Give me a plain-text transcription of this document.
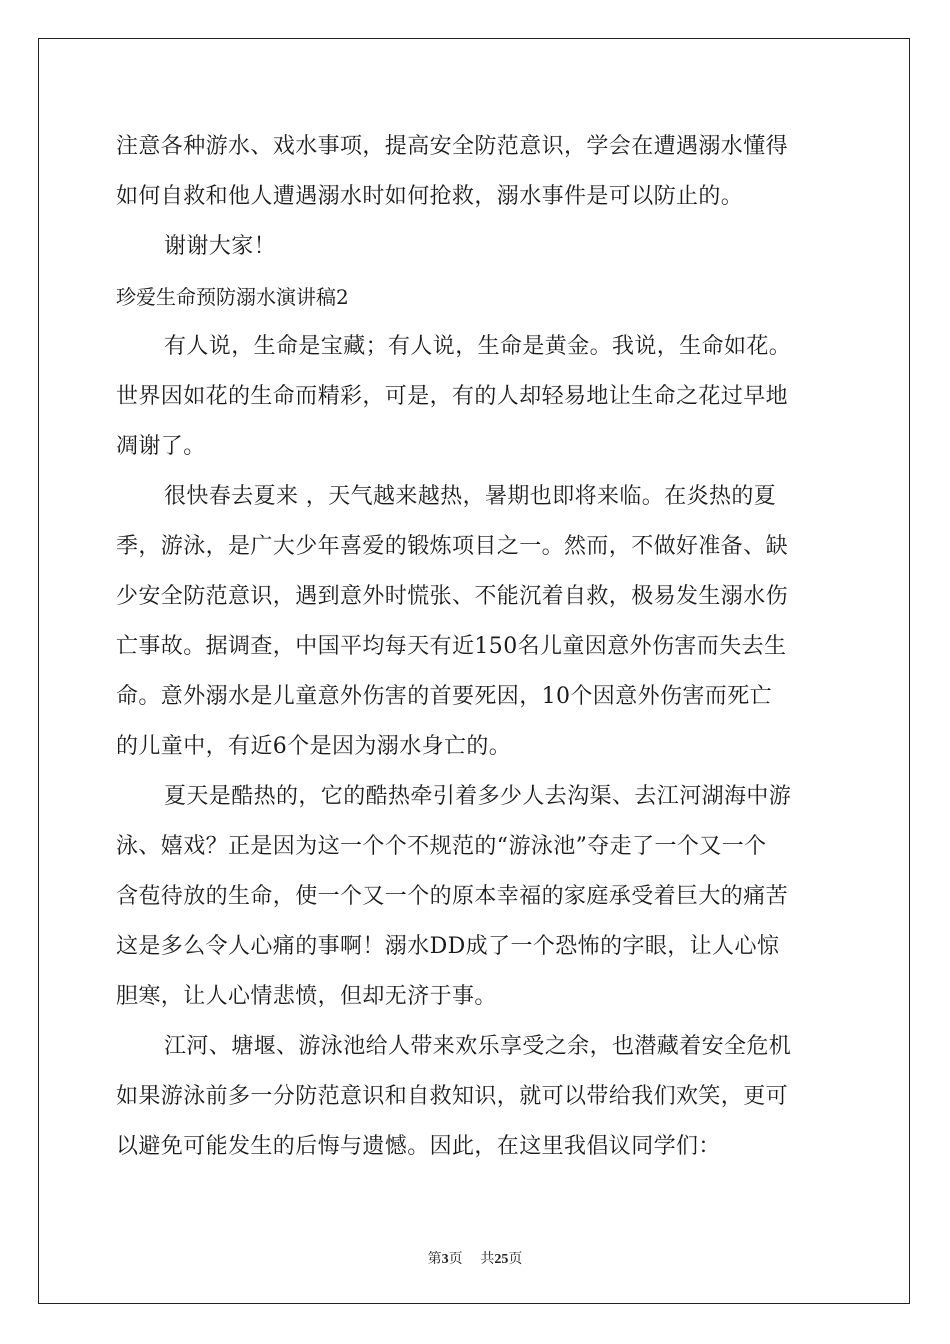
注意各种游水、戏水事项，提高安全防范意识，学会在遭遇溺水懂得
如何自救和他人遭遇溺水时如何抢救，溺水事件是可以防止的。
谢谢大家！
珍爱生命预防溺水演讲稿2
有人说，生命是宝藏；有人说，生命是黄金。我说，生命如花。
世界因如花的生命而精彩，可是，有的人却轻易地让生命之花过早地
凋谢了。
很快春去夏来 ，天气越来越热，暑期也即将来临。在炎热的夏
季，游泳，是广大少年喜爱的锻炼项目之一。然而，不做好准备、缺
少安全防范意识，遇到意外时慌张、不能沉着自救，极易发生溺水伤
亡事故。据调查，中国平均每天有近150名儿童因意外伤害而失去生
命。意外溺水是儿童意外伤害的首要死因，10个因意外伤害而死亡
的儿童中，有近6个是因为溺水身亡的。
夏天是酷热的，它的酷热牵引着多少人去沟渠、去江河湖海中游
泳、嬉戏？正是因为这一个个不规范的“游泳池”夺走了一个又一个
含苞待放的生命，使一个又一个的原本幸福的家庭承受着巨大的痛苦
这是多么令人心痛的事啊！溺水DD成了一个恐怖的字眼，让人心惊
胆寒，让人心情悲愤，但却无济于事。
江河、塘堰、游泳池给人带来欢乐享受之余，也潜藏着安全危机
如果游泳前多一分防范意识和自救知识，就可以带给我们欢笑，更可
以避免可能发生的后悔与遗憾。因此，在这里我倡议同学们：
第3页 共25页
